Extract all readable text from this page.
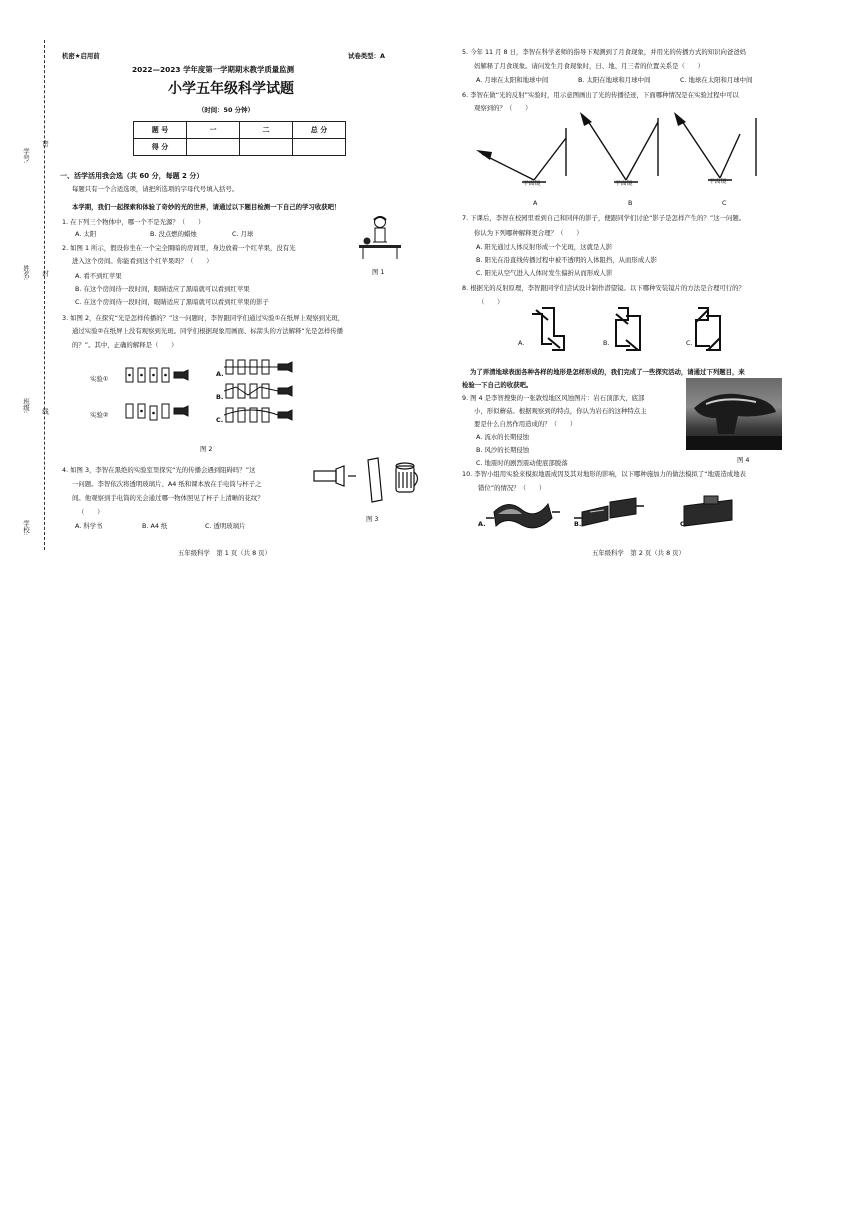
学号:
密
姓名: 封
班级: 线
学校:
机密★启用前	试卷类型：A
2022—2023 学年度第一学期期末教学质量监测
小学五年级科学试题
（时间：50 分钟）
题 号	一	二	总 分
得 分			
一、活学活用我会选（共 60 分，每题 2 分）
每题只有一个合适选项，请把所选项的字母代号填入括号。
本学期，我们一起探索和体验了奇妙的光的世界，请通过以下题目检测一下自己的学习收获吧！
1. 在下列三个物体中，哪一个不是光源？（　　）
A. 太阳	B. 没点燃的蜡烛	C. 月球
2. 如图 1 所示，假设你坐在一个完全圈暗的房间里，身边放着一个红苹果，没有光
进入这个房间。你能看到这个红苹果吗？（　　）
A. 看不到红苹果
B. 在这个房间待一段时间，眼睛适应了黑暗就可以看到红苹果
C. 在这个房间待一段时间，眼睛适应了黑暗就可以看到红苹果的影子
图 1
3. 如图 2，在探究“光是怎样传播的？”这一问题时，李智跟同学们通过实验①在纸屏上观察到光斑，
通过实验②在纸屏上没有观察到光斑。同学们根据现象用画面、标箭头的方法解释“光是怎样传播
的？”。其中，正确的解释是（　　）
实验①
实验②
A.
B.
C.
图 2
4. 如图 3，李智在黑绝的实验室里探究“光的传播会遇到阻碍吗？”这
一问题。李智依次将透明玻璃片、A4 纸和课本放在手电筒与杯子之
间。他观察到手电筒的光会通过哪一物体照见了杯子上清晰的花纹？
（　　）
A. 科学书	B. A4 纸	C. 透明玻璃片
图 3
五年级科学　第 1 页（共 8 页）
5. 今年 11 月 8 日，李智在科学老师的指导下观测到了月食现象，并用光的传播方式的知识向爸爸妈
妈解释了月食现象。请问发生月食现象时，日、地、月三者的位置关系是（　　）
A. 月球在太阳和地球中间	B. 太阳在地球和月球中间	C. 地球在太阳和月球中间
6. 李智在做“光的反射”实验时，用示意图画出了光的传播径迹，下面哪种情况是在实验过程中可以
观察到的？（　　）
平面镜	平面镜	平面镜
A	B	C
7. 下课后，李智在校园里看到自己和同伴的影子，便跟同学们讨论“影子是怎样产生的？”这一问题。
你认为下列哪种解释更合理？（　　）
A. 阳光通过人体反射形成一个光斑，这就是人影
B. 阳光在沿直线传播过程中被不透明的人体阻挡，从而形成人影
C. 阳光从空气进入人体时发生偏折从而形成人影
8. 根据光的反射原理，李智跟同学们尝试设计制作潜望镜。以下哪种安装镜片的方法是合理可行的？
（　　）
A.	B.	C.
为了弄清地球表面各种各样的地形是怎样形成的，我们完成了一些探究活动，请通过下列题目，来
检验一下自己的收获吧。
9. 图 4 是李智搜集的一张敦煌地区风蚀图片：岩石顶部大，底部
小，形似蘑菇。根据观察到的特点，你认为岩石的这种特点主
要是什么自然作用造成的？（　　）
A. 流水的长期侵蚀
B. 风沙的长期侵蚀
C. 地震时的剧烈震动使底部脱落	图 4
10. 李智小组用实验来模拟地震成因及其对地形的影响，以下哪种施加力的做法模拟了“地震造成地表
错位”的情况？（　　）
A.	B.	C.
五年级科学　第 2 页（共 8 页）
